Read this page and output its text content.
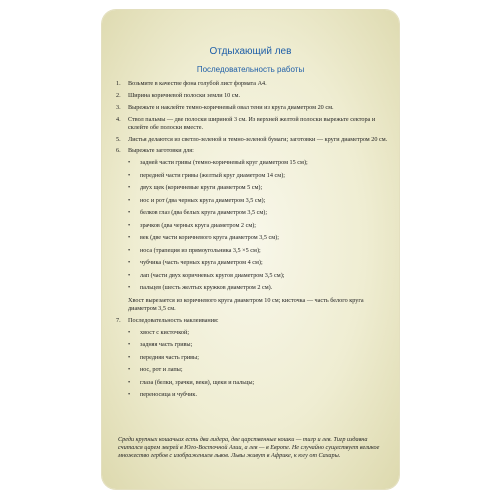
Отдыхающий лев
Последовательность работы
1.	Возьмите в качестве фона голубой лист формата А4.
2.	Ширина коричневой полоски земли 10 см.
3.	Вырежьте и наклейте темно-коричневый овал тени из круга диаметром 20 см.
4.	Ствол пальмы — две полоски шириной 3 см. Из верхней желтой полоски вырежьте сектора и склейте обе полоски вместе.
5.	Листья делаются из светло-зеленой и темно-зеленой бумаги; заготовки — круги диаметром 20 см.
6.	Вырежьте заготовки для:
•	задней части гривы (темно-коричневый круг диаметром 15 см);
•	передней части гривы (желтый круг диаметром 14 см);
•	двух щек (коричневые круги диаметром 5 см);
•	нос и рот (два черных круга диаметром 3,5 см);
•	белков глаз (два белых круга диаметром 3,5 см);
•	зрачков (два черных круга диаметром 2 см);
•	век (две части коричневого круга диаметром 3,5 см);
•	носа (трапеция из прямоугольника 3,5 ×5 см);
•	чубчика (часть черных круга диаметром 4 см);
•	лап (части двух коричневых кругов диаметром 3,5 см);
•	пальцев (шесть желтых кружков диаметром 2 см).
Хвост вырезается из коричневого круга диаметром 10 см; кисточка — часть белого круга диаметром 3,5 см.
7.	Последовательность наклеивания:
•	хвост с кисточкой;
•	задняя часть гривы;
•	передняя часть гривы;
•	нос, рот и лапы;
•	глаза (белки, зрачки, веки), щеки и пальцы;
•	переносица и чубчик.
Среди крупных кошачьих есть два лидера, две царственные кошки — тигр и лев. Тигр издавна считался царем зверей в Юго-Восточной Азии, а лев — в Европе. Не случайно существует великое множество гербов с изображением львов. Львы живут в Африке, к югу от Сахары.
